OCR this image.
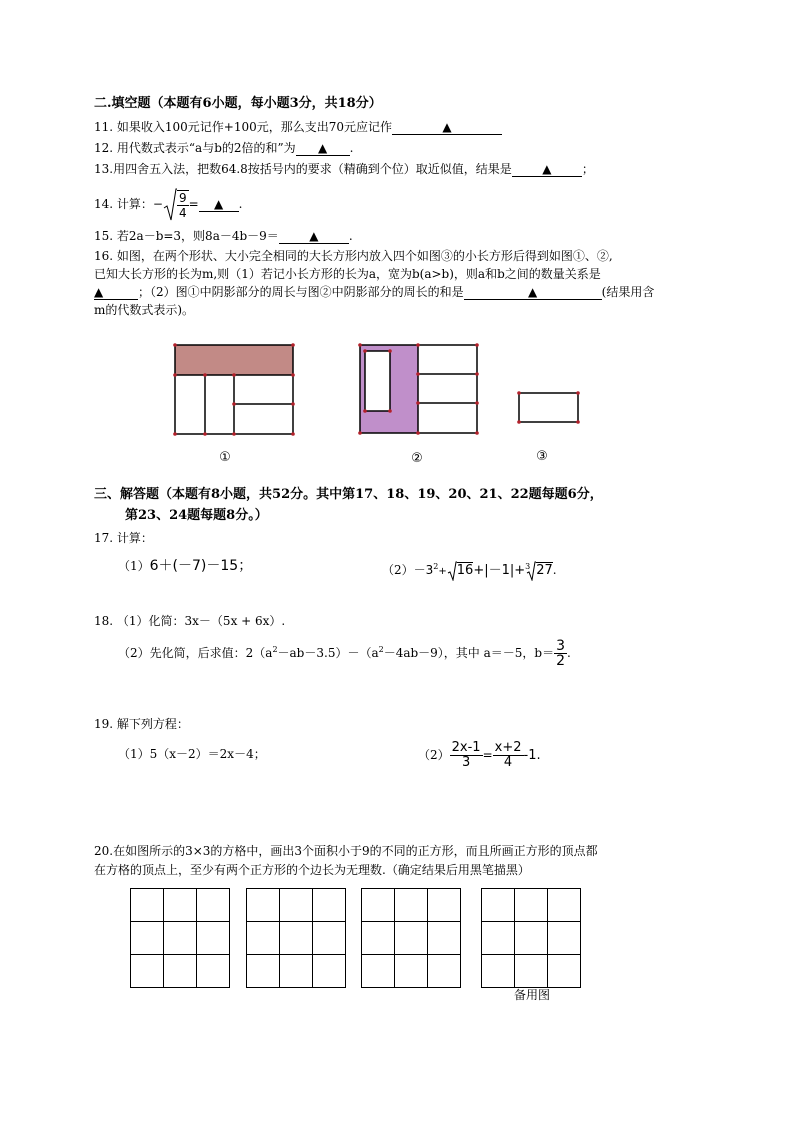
二.填空题（本题有6小题，每小题3分，共18分）
11. 如果收入100元记作+100元，那么支出70元应记作	▲
12. 用代数式表示“a与b的2倍的和”为 ▲ .
13.用四舍五入法，把数64.8按括号内的要求（精确到个位）取近似值，结果是	▲	；
14. 计算：− $\frac{9}{4}$ = ▲ .
15. 若2a－b=3，则8a－4b－9＝	▲	.
16. 如图，在两个形状、大小完全相同的大长方形内放入四个如图③的小长方形后得到如图①、②,
已知大长方形的长为m,则（1）若记小长方形的长为a，宽为b(a>b)，则a和b之间的数量关系是
▲	；（2）图①中阴影部分的周长与图②中阴影部分的周长的和是	▲	(结果用含
m的代数式表示)。
①	②	③
三、解答题（本题有8小题，共52分。其中第17、18、19、20、21、22题每题6分，
第23、24题每题8分。）
17. 计算：
（1）6＋(－7)－15；	$(2)-3^2+ 16+|-1|+^3$ 27.
18. （1）化简：3x－（5x + 6x）.
（2）先化简，后求值：$2(a^2-ab-3.5)-(a^2-4ab-9)$，其中 a＝－5，$b= \frac{3}{2}$ .
19. 解下列方程：
（1）5（x－2）＝2x－4；	$(2) \frac{2x-1}{3} = \frac{x+2}{4} -1$.
20.在如图所示的3×3的方格中，画出3个面积小于9的不同的正方形，而且所画正方形的顶点都
在方格的顶点上，至少有两个正方形的个边长为无理数.（确定结果后用黑笔描黑）
备用图
